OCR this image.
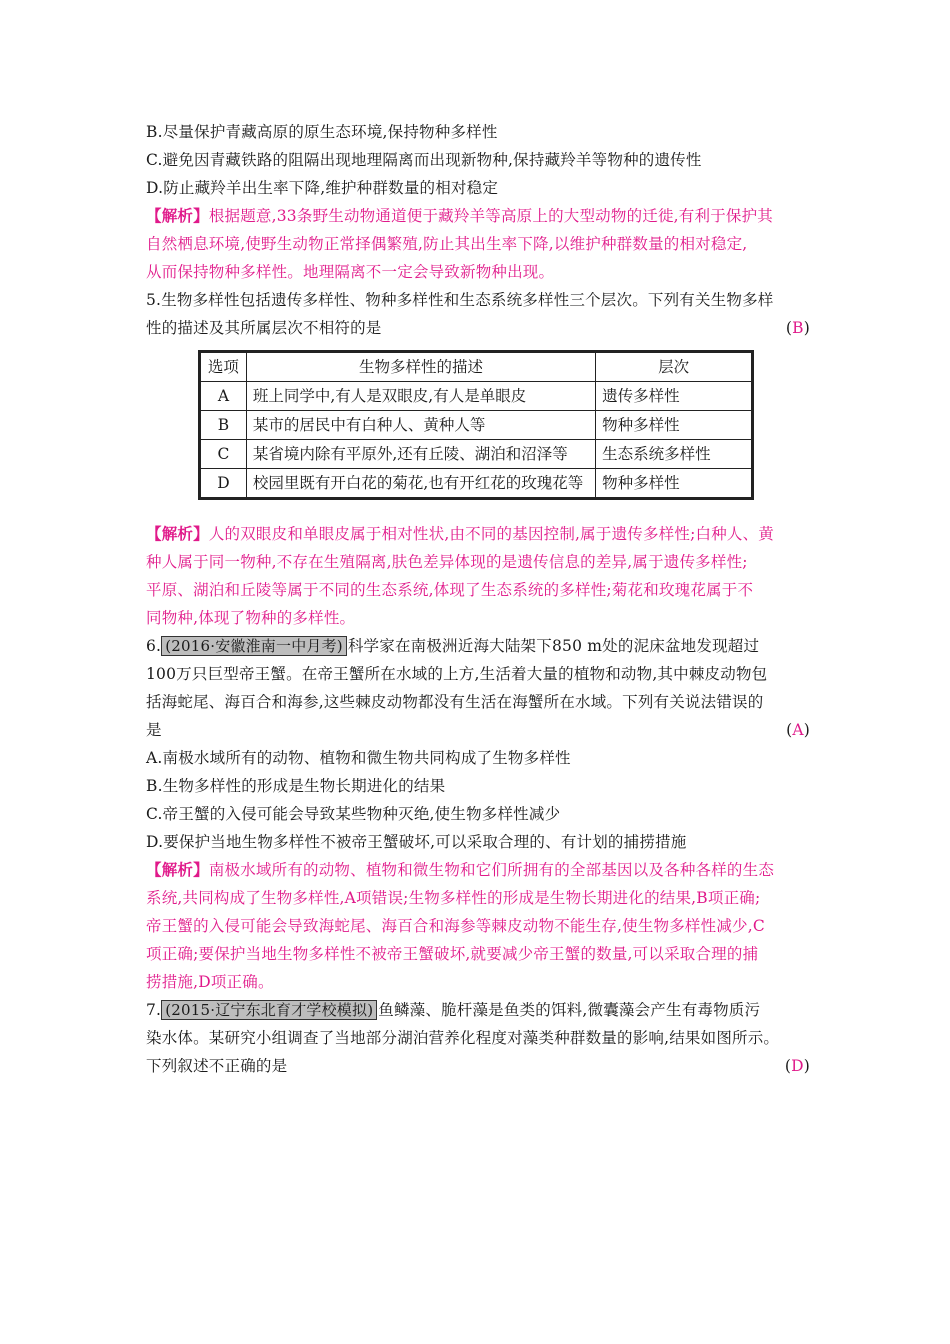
B.尽量保护青藏高原的原生态环境,保持物种多样性
C.避免因青藏铁路的阻隔出现地理隔离而出现新物种,保持藏羚羊等物种的遗传性
D.防止藏羚羊出生率下降,维护种群数量的相对稳定
【解析】根据题意,33条野生动物通道便于藏羚羊等高原上的大型动物的迁徙,有利于保护其
自然栖息环境,使野生动物正常择偶繁殖,防止其出生率下降,以维护种群数量的相对稳定,
从而保持物种多样性。地理隔离不一定会导致新物种出现。
5.生物多样性包括遗传多样性、物种多样性和生态系统多样性三个层次。下列有关生物多样
性的描述及其所属层次不相符的是	(B)
选项	生物多样性的描述	层次
A	班上同学中,有人是双眼皮,有人是单眼皮	遗传多样性
B	某市的居民中有白种人、黄种人等	物种多样性
C	某省境内除有平原外,还有丘陵、湖泊和沼泽等	生态系统多样性
D	校园里既有开白花的菊花,也有开红花的玫瑰花等	物种多样性
【解析】人的双眼皮和单眼皮属于相对性状,由不同的基因控制,属于遗传多样性;白种人、黄
种人属于同一物种,不存在生殖隔离,肤色差异体现的是遗传信息的差异,属于遗传多样性;
平原、湖泊和丘陵等属于不同的生态系统,体现了生态系统的多样性;菊花和玫瑰花属于不
同物种,体现了物种的多样性。
6. (2016·安徽淮南一中月考) 科学家在南极洲近海大陆架下850 m处的泥床盆地发现超过
100万只巨型帝王蟹。在帝王蟹所在水域的上方,生活着大量的植物和动物,其中棘皮动物包
括海蛇尾、海百合和海参,这些棘皮动物都没有生活在海蟹所在水域。下列有关说法错误的
是	(A)
A.南极水域所有的动物、植物和微生物共同构成了生物多样性
B.生物多样性的形成是生物长期进化的结果
C.帝王蟹的入侵可能会导致某些物种灭绝,使生物多样性减少
D.要保护当地生物多样性不被帝王蟹破坏,可以采取合理的、有计划的捕捞措施
【解析】南极水域所有的动物、植物和微生物和它们所拥有的全部基因以及各种各样的生态
系统,共同构成了生物多样性,A项错误;生物多样性的形成是生物长期进化的结果,B项正确;
帝王蟹的入侵可能会导致海蛇尾、海百合和海参等棘皮动物不能生存,使生物多样性减少,C
项正确;要保护当地生物多样性不被帝王蟹破坏,就要减少帝王蟹的数量,可以采取合理的捕
捞措施,D项正确。
7. (2015·辽宁东北育才学校模拟) 鱼鳞藻、脆杆藻是鱼类的饵料,微囊藻会产生有毒物质污
染水体。某研究小组调查了当地部分湖泊营养化程度对藻类种群数量的影响,结果如图所示。
下列叙述不正确的是	(D)
